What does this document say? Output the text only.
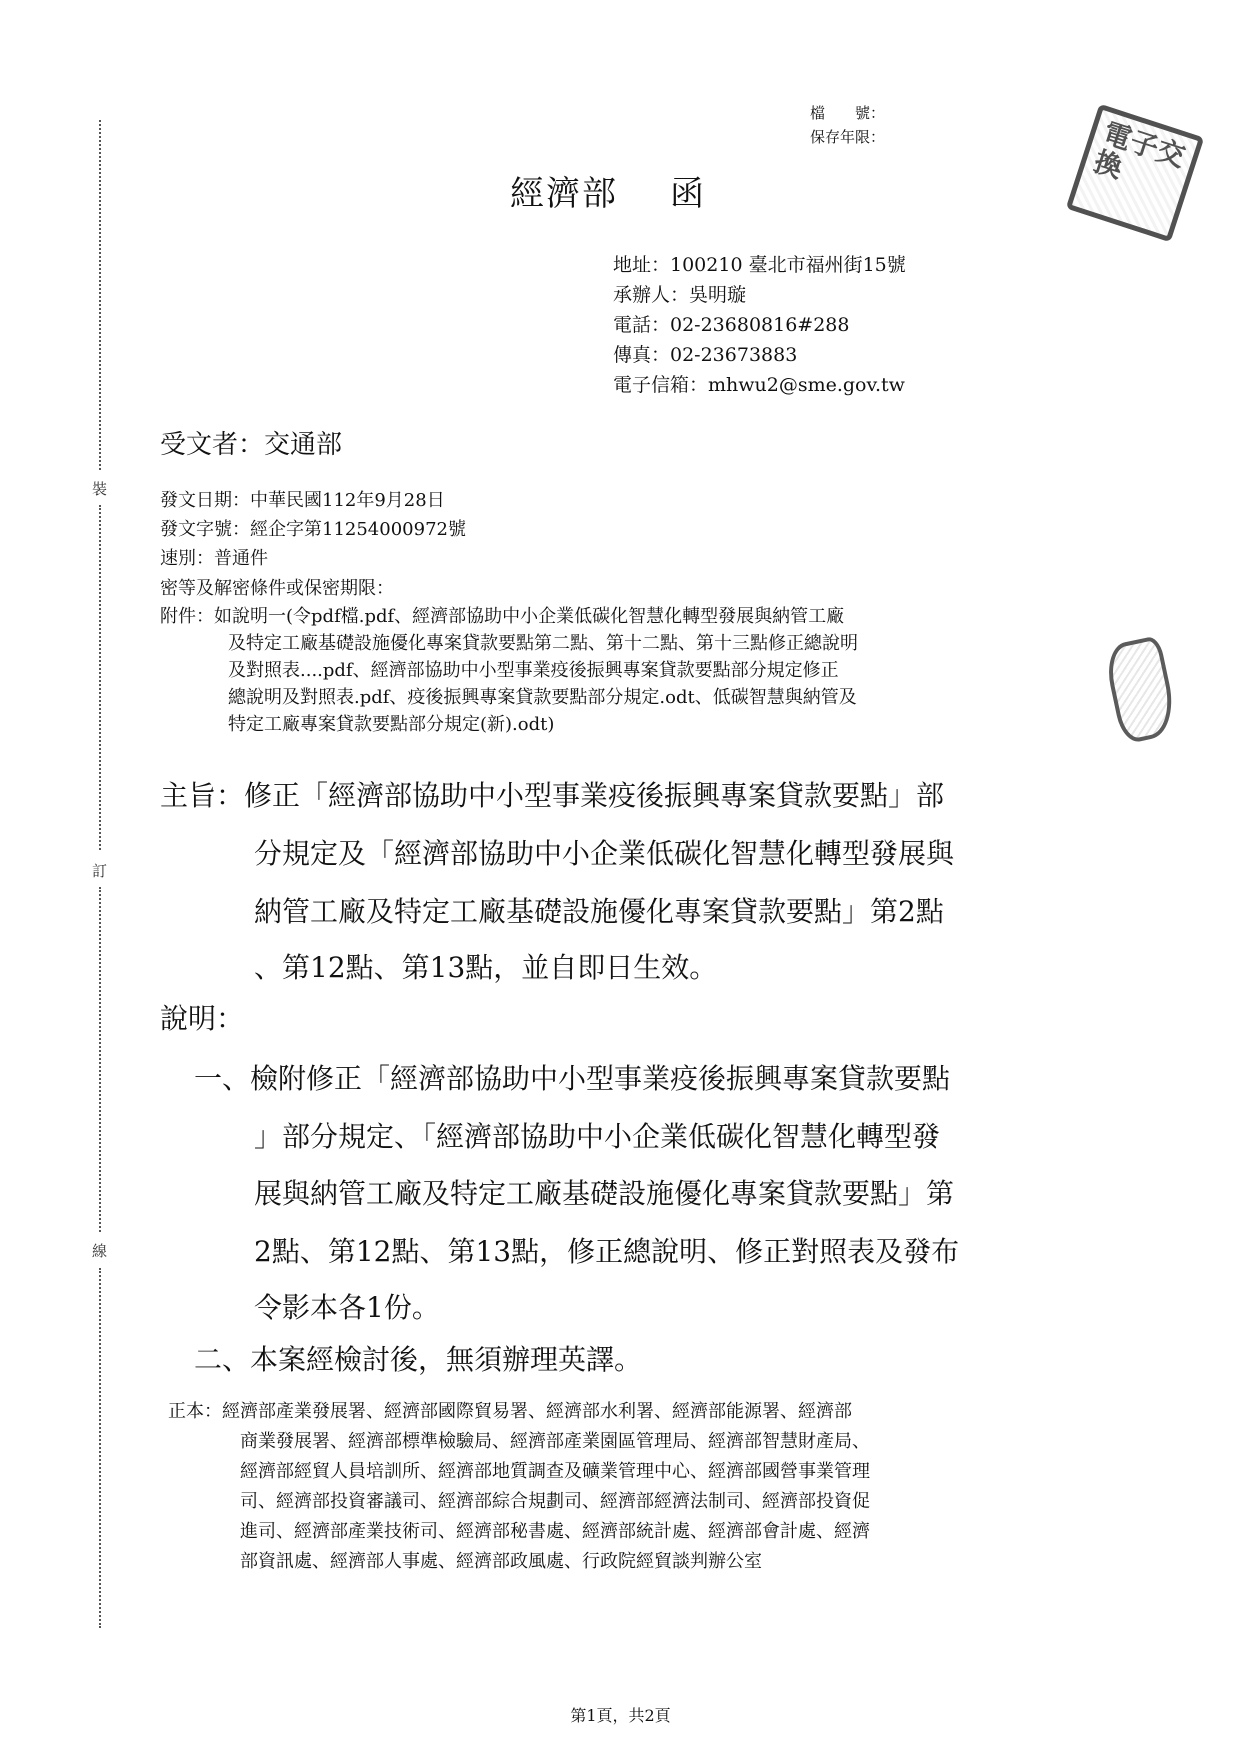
裝
訂
線
檔　　號：
保存年限：	電子交換
經濟部 函
地址：100210 臺北市福州街15號
承辦人：吳明璇
電話：02-23680816#288
傳真：02-23673883
電子信箱：mhwu2@sme.gov.tw
受文者：交通部
發文日期：中華民國112年9月28日
發文字號：經企字第11254000972號
速別：普通件
密等及解密條件或保密期限：
附件：如說明一(令pdf檔.pdf、經濟部協助中小企業低碳化智慧化轉型發展與納管工廠
及特定工廠基礎設施優化專案貸款要點第二點、第十二點、第十三點修正總說明
及對照表....pdf、經濟部協助中小型事業疫後振興專案貸款要點部分規定修正
總說明及對照表.pdf、疫後振興專案貸款要點部分規定.odt、低碳智慧與納管及
特定工廠專案貸款要點部分規定(新).odt)
主旨：修正「經濟部協助中小型事業疫後振興專案貸款要點」部
分規定及「經濟部協助中小企業低碳化智慧化轉型發展與
納管工廠及特定工廠基礎設施優化專案貸款要點」第2點
、第12點、第13點，並自即日生效。
說明：
一、檢附修正「經濟部協助中小型事業疫後振興專案貸款要點
」部分規定、「經濟部協助中小企業低碳化智慧化轉型發
展與納管工廠及特定工廠基礎設施優化專案貸款要點」第
2點、第12點、第13點，修正總說明、修正對照表及發布
令影本各1份。
二、本案經檢討後，無須辦理英譯。
正本：經濟部產業發展署、經濟部國際貿易署、經濟部水利署、經濟部能源署、經濟部
商業發展署、經濟部標準檢驗局、經濟部產業園區管理局、經濟部智慧財產局、
經濟部經貿人員培訓所、經濟部地質調查及礦業管理中心、經濟部國營事業管理
司、經濟部投資審議司、經濟部綜合規劃司、經濟部經濟法制司、經濟部投資促
進司、經濟部產業技術司、經濟部秘書處、經濟部統計處、經濟部會計處、經濟
部資訊處、經濟部人事處、經濟部政風處、行政院經貿談判辦公室
第1頁，共2頁
